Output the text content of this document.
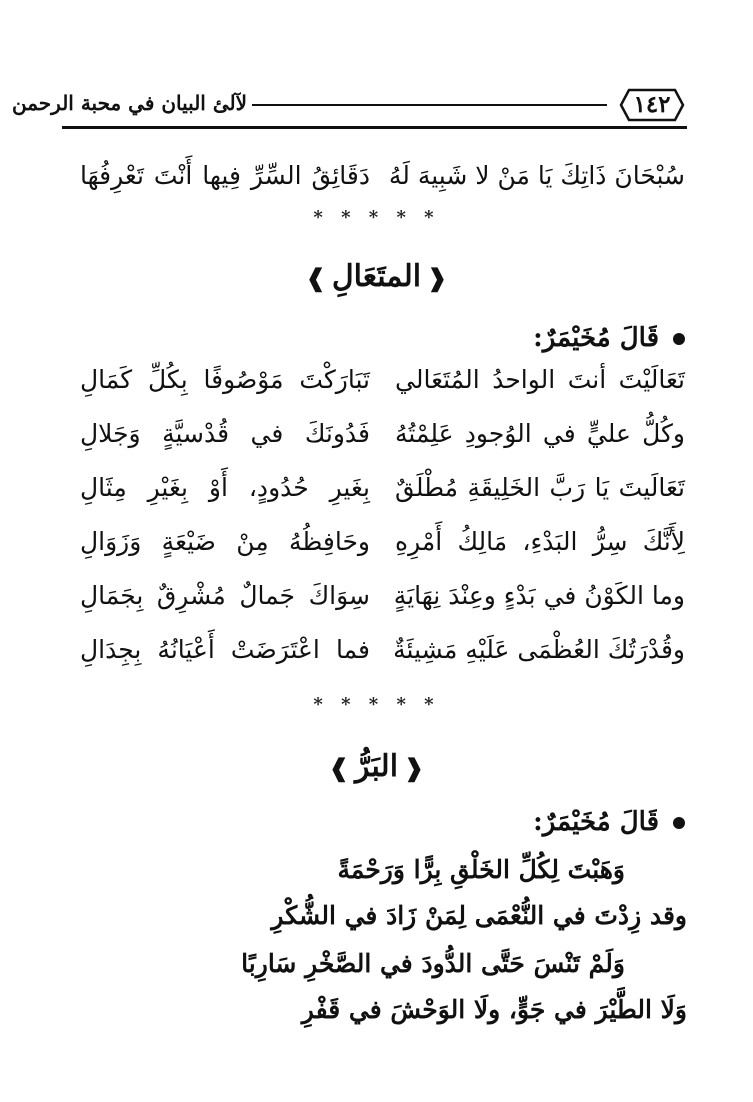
١٤٢
لآلئ البيان في محبة الرحمن
سُبْحَانَ ذَاتِكَ يَا مَنْ لا شَبِيهَ لَهُ
دَقَائِقُ السِّرِّ فِيها أَنْتَ تَعْرِفُهَا
* * * * *
❰المتَعَالِ❱
قَالَ مُخَيْمَرٌ:
تَعَالَيْتَ أنتَ الواحدُ المُتَعَالي
تَبَارَكْتَ مَوْصُوفًا بِكُلِّ كَمَالِ
وكُلُّ عليٍّ في الوُجودِ عَلِمْتُهُ
فَدُونَكَ في قُدْسيَّةٍ وَجَلالِ
تَعَالَيتَ يَا رَبَّ الخَلِيقَةِ مُطْلَقٌ
بِغَيرِ حُدُودٍ، أَوْ بِغَيْرِ مِثَالِ
لِأَنَّكَ سِرُّ البَدْءِ، مَالِكُ أَمْرِهِ
وحَافِظُهُ مِنْ ضَيْعَةٍ وَزَوَالِ
وما الكَوْنُ في بَدْءٍ وعِنْدَ نِهَايَةٍ
سِوَاكَ جَمالٌ مُشْرِقٌ بِجَمَالِ
وقُدْرَتُكَ العُظْمَى عَلَيْهِ مَشِيئَةٌ
فما اعْتَرَضَتْ أَعْيَانُهُ بِجِدَالِ
* * * * *
❰البَرُّ❱
قَالَ مُخَيْمَرٌ:
وَهَبْتَ لِكُلِّ الخَلْقِ بِرًّا وَرَحْمَةً
وقد زِدْتَ في النُّعْمَى لِمَنْ زَادَ في الشُّكْرِ
وَلَمْ تَنْسَ حَتَّى الدُّودَ في الصَّخْرِ سَارِبًا
وَلَا الطَّيْرَ في جَوٍّ، ولَا الوَحْشَ في قَفْرِ
